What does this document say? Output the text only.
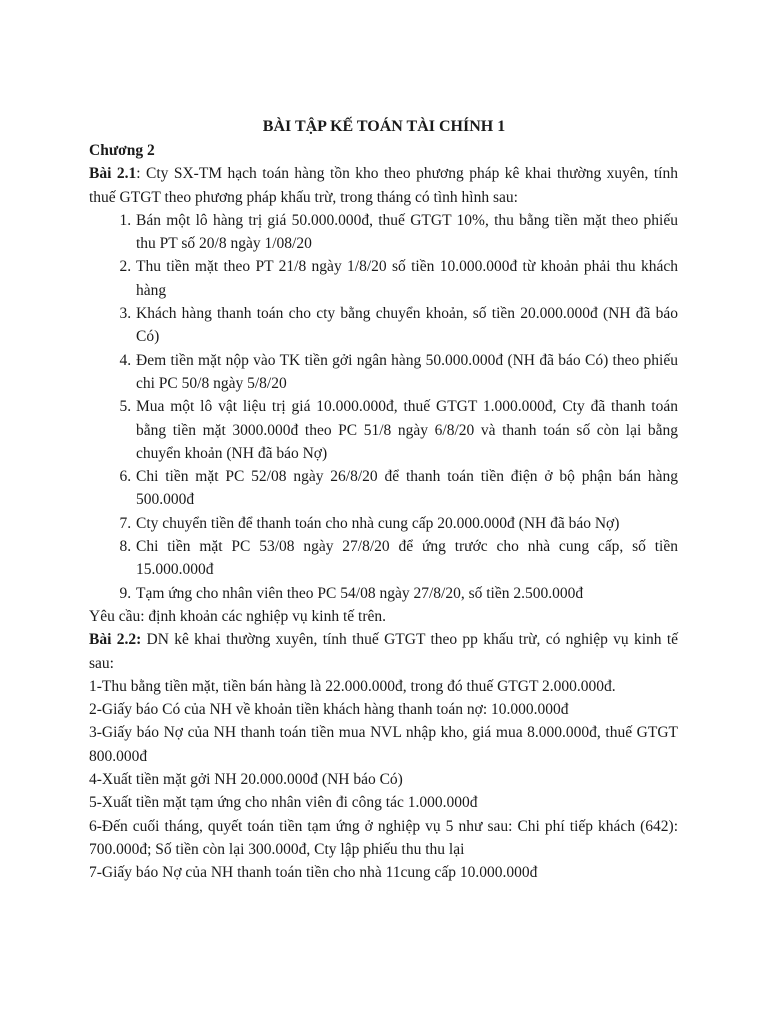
BÀI TẬP KẾ TOÁN TÀI CHÍNH 1

Chương 2

Bài 2.1: Cty SX-TM hạch toán hàng tồn kho theo phương pháp kê khai thường xuyên, tính thuế GTGT theo phương pháp khấu trừ, trong tháng có tình hình sau:

1. Bán một lô hàng trị giá 50.000.000đ, thuế GTGT 10%, thu bằng tiền mặt theo phiếu thu PT số 20/8 ngày 1/08/20
2. Thu tiền mặt theo PT 21/8 ngày 1/8/20 số tiền 10.000.000đ từ khoản phải thu khách hàng
3. Khách hàng thanh toán cho cty bằng chuyển khoản, số tiền 20.000.000đ (NH đã báo Có)
4. Đem tiền mặt nộp vào TK tiền gởi ngân hàng 50.000.000đ (NH đã báo Có) theo phiếu chi PC 50/8 ngày 5/8/20
5. Mua một lô vật liệu trị giá 10.000.000đ, thuế GTGT 1.000.000đ, Cty đã thanh toán bằng tiền mặt 3000.000đ theo PC 51/8 ngày 6/8/20 và thanh toán số còn lại bằng chuyển khoản (NH đã báo Nợ)
6. Chi tiền mặt PC 52/08 ngày 26/8/20 để thanh toán tiền điện ở bộ phận bán hàng 500.000đ
7. Cty chuyển tiền để thanh toán cho nhà cung cấp 20.000.000đ (NH đã báo Nợ)
8. Chi tiền mặt PC 53/08 ngày 27/8/20 để ứng trước cho nhà cung cấp, số tiền 15.000.000đ
9. Tạm ứng cho nhân viên theo PC 54/08 ngày 27/8/20, số tiền 2.500.000đ

Yêu cầu: định khoản các nghiệp vụ kinh tế trên.

Bài 2.2: DN kê khai thường xuyên, tính thuế GTGT theo pp khấu trừ, có nghiệp vụ kinh tế sau:

1-Thu bằng tiền mặt, tiền bán hàng là 22.000.000đ, trong đó thuế GTGT 2.000.000đ.

2-Giấy báo Có của NH về khoản tiền khách hàng thanh toán nợ: 10.000.000đ

3-Giấy báo Nợ của NH thanh toán tiền mua NVL nhập kho, giá mua 8.000.000đ, thuế GTGT 800.000đ

4-Xuất tiền mặt gởi NH 20.000.000đ (NH báo Có)

5-Xuất tiền mặt tạm ứng cho nhân viên đi công tác 1.000.000đ

6-Đến cuối tháng, quyết toán tiền tạm ứng ở nghiệp vụ 5 như sau: Chi phí tiếp khách (642): 700.000đ; Số tiền còn lại 300.000đ, Cty lập phiếu thu thu lại

7-Giấy báo Nợ của NH thanh toán tiền cho nhà 11cung cấp 10.000.000đ
